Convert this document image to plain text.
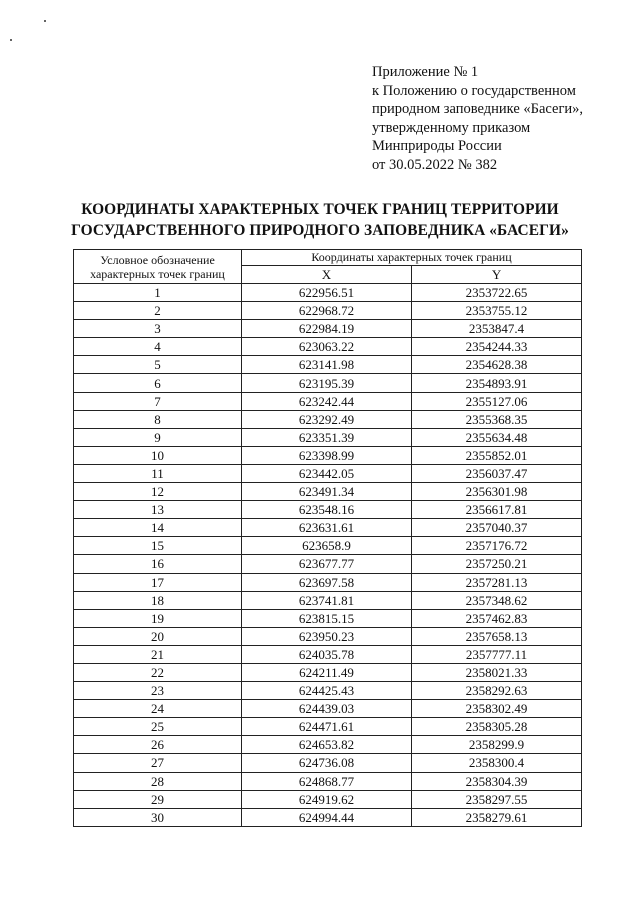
Приложение № 1
к Положению о государственном
природном заповеднике «Басеги»,
утвержденному приказом
Минприроды России
от 30.05.2022 № 382
КООРДИНАТЫ ХАРАКТЕРНЫХ ТОЧЕК ГРАНИЦ ТЕРРИТОРИИ
ГОСУДАРСТВЕННОГО ПРИРОДНОГО ЗАПОВЕДНИКА «БАСЕГИ»
Условное обозначение
характерных точек границ	Координаты характерных точек границ	
	X	Y
1	622956.51	2353722.65
2	622968.72	2353755.12
3	622984.19	2353847.4
4	623063.22	2354244.33
5	623141.98	2354628.38
6	623195.39	2354893.91
7	623242.44	2355127.06
8	623292.49	2355368.35
9	623351.39	2355634.48
10	623398.99	2355852.01
11	623442.05	2356037.47
12	623491.34	2356301.98
13	623548.16	2356617.81
14	623631.61	2357040.37
15	623658.9	2357176.72
16	623677.77	2357250.21
17	623697.58	2357281.13
18	623741.81	2357348.62
19	623815.15	2357462.83
20	623950.23	2357658.13
21	624035.78	2357777.11
22	624211.49	2358021.33
23	624425.43	2358292.63
24	624439.03	2358302.49
25	624471.61	2358305.28
26	624653.82	2358299.9
27	624736.08	2358300.4
28	624868.77	2358304.39
29	624919.62	2358297.55
30	624994.44	2358279.61
